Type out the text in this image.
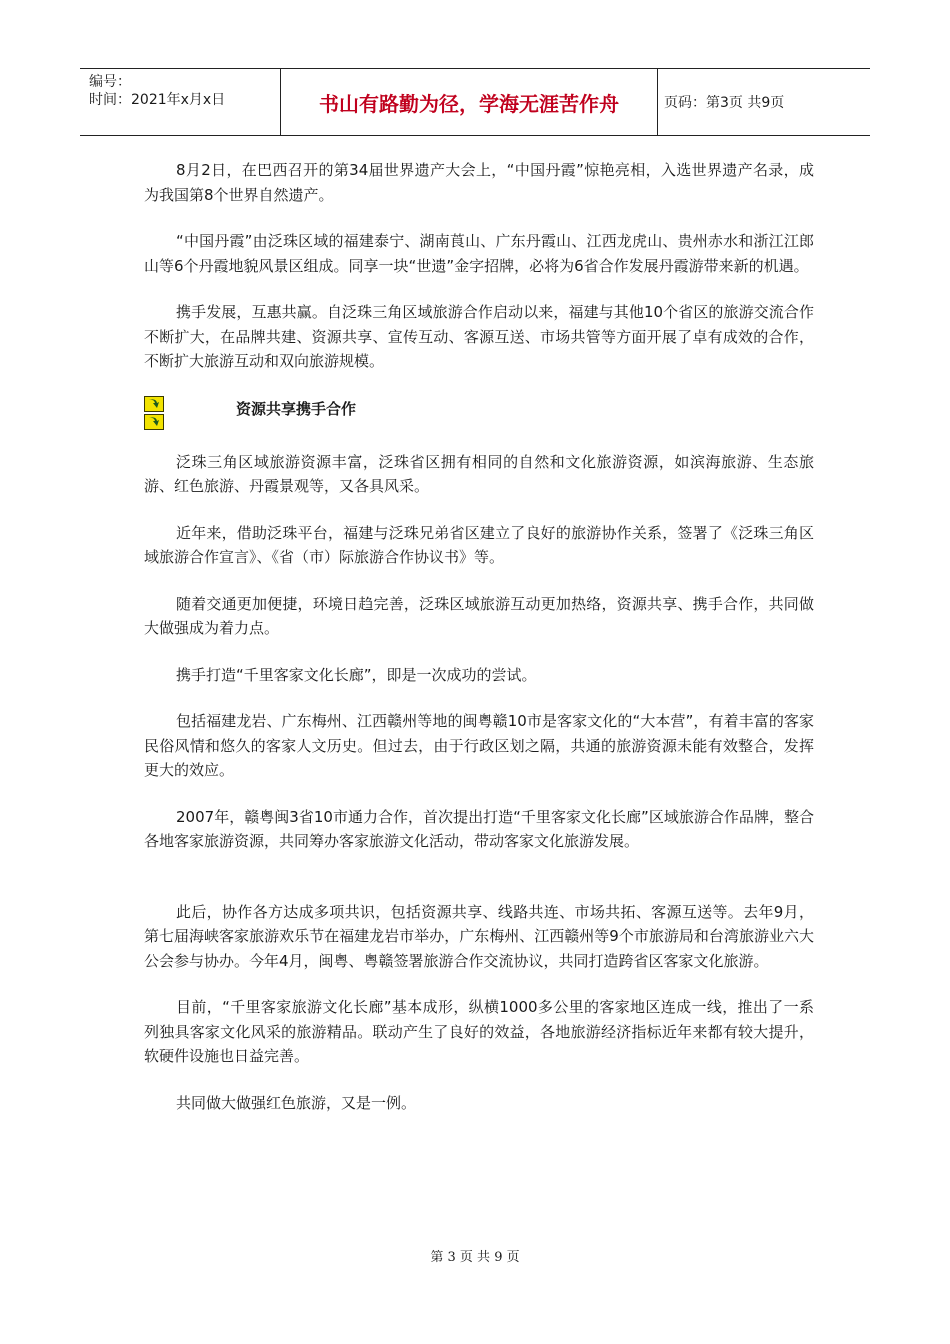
编号：
时间：2021年x月x日	书山有路勤为径，学海无涯苦作舟	页码：第3页 共9页

8月2日，在巴西召开的第34届世界遗产大会上，“中国丹霞”惊艳亮相，入选世界遗产名录，成为我国第8个世界自然遗产。

“中国丹霞”由泛珠区域的福建泰宁、湖南莨山、广东丹霞山、江西龙虎山、贵州赤水和浙江江郎山等6个丹霞地貌风景区组成。同享一块“世遗”金字招牌，必将为6省合作发展丹霞游带来新的机遇。

携手发展，互惠共赢。自泛珠三角区域旅游合作启动以来，福建与其他10个省区的旅游交流合作不断扩大，在品牌共建、资源共享、宣传互动、客源互送、市场共管等方面开展了卓有成效的合作，不断扩大旅游互动和双向旅游规模。

资源共享携手合作

泛珠三角区域旅游资源丰富，泛珠省区拥有相同的自然和文化旅游资源，如滨海旅游、生态旅游、红色旅游、丹霞景观等，又各具风采。

近年来，借助泛珠平台，福建与泛珠兄弟省区建立了良好的旅游协作关系，签署了《泛珠三角区域旅游合作宣言》、《省（市）际旅游合作协议书》等。

随着交通更加便捷，环境日趋完善，泛珠区域旅游互动更加热络，资源共享、携手合作，共同做大做强成为着力点。

携手打造“千里客家文化长廊”，即是一次成功的尝试。

包括福建龙岩、广东梅州、江西赣州等地的闽粤赣10市是客家文化的“大本营”，有着丰富的客家民俗风情和悠久的客家人文历史。但过去，由于行政区划之隔，共通的旅游资源未能有效整合，发挥更大的效应。

2007年，赣粤闽3省10市通力合作，首次提出打造“千里客家文化长廊”区域旅游合作品牌，整合各地客家旅游资源，共同筹办客家旅游文化活动，带动客家文化旅游发展。

此后，协作各方达成多项共识，包括资源共享、线路共连、市场共拓、客源互送等。去年9月，第七届海峡客家旅游欢乐节在福建龙岩市举办，广东梅州、江西赣州等9个市旅游局和台湾旅游业六大公会参与协办。今年4月，闽粤、粤赣签署旅游合作交流协议，共同打造跨省区客家文化旅游。

目前，“千里客家旅游文化长廊”基本成形，纵横1000多公里的客家地区连成一线，推出了一系列独具客家文化风采的旅游精品。联动产生了良好的效益，各地旅游经济指标近年来都有较大提升，软硬件设施也日益完善。

共同做大做强红色旅游，又是一例。

第 3 页 共 9 页
